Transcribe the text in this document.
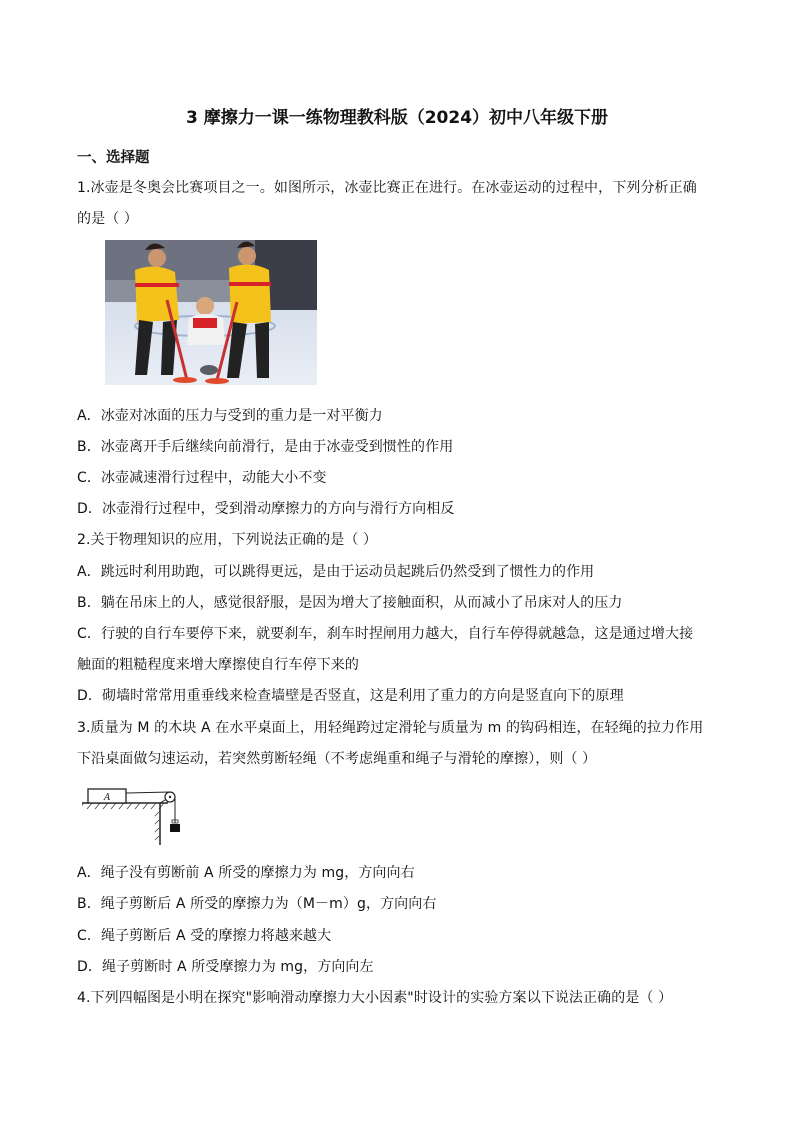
3 摩擦力一课一练物理教科版（2024）初中八年级下册
一、选择题
1.冰壶是冬奥会比赛项目之一。如图所示，冰壶比赛正在进行。在冰壶运动的过程中，下列分析正确
的是（ ）
A．冰壶对冰面的压力与受到的重力是一对平衡力
B．冰壶离开手后继续向前滑行，是由于冰壶受到惯性的作用
C．冰壶减速滑行过程中，动能大小不变
D．冰壶滑行过程中，受到滑动摩擦力的方向与滑行方向相反
2.关于物理知识的应用，下列说法正确的是（ ）
A．跳远时利用助跑，可以跳得更远，是由于运动员起跳后仍然受到了惯性力的作用
B．躺在吊床上的人，感觉很舒服，是因为增大了接触面积，从而减小了吊床对人的压力
C．行驶的自行车要停下来，就要刹车，刹车时捏闸用力越大，自行车停得就越急，这是通过增大接
触面的粗糙程度来增大摩擦使自行车停下来的
D．砌墙时常常用重垂线来检查墙壁是否竖直，这是利用了重力的方向是竖直向下的原理
3.质量为 M 的木块 A 在水平桌面上，用轻绳跨过定滑轮与质量为 m 的钩码相连，在轻绳的拉力作用
下沿桌面做匀速运动，若突然剪断轻绳（不考虑绳重和绳子与滑轮的摩擦），则（ ）
A
A．绳子没有剪断前 A 所受的摩擦力为 mg，方向向右
B．绳子剪断后 A 所受的摩擦力为（M－m）g，方向向右
C．绳子剪断后 A 受的摩擦力将越来越大
D．绳子剪断时 A 所受摩擦力为 mg，方向向左
4.下列四幅图是小明在探究"影响滑动摩擦力大小因素"时设计的实验方案以下说法正确的是（ ）
